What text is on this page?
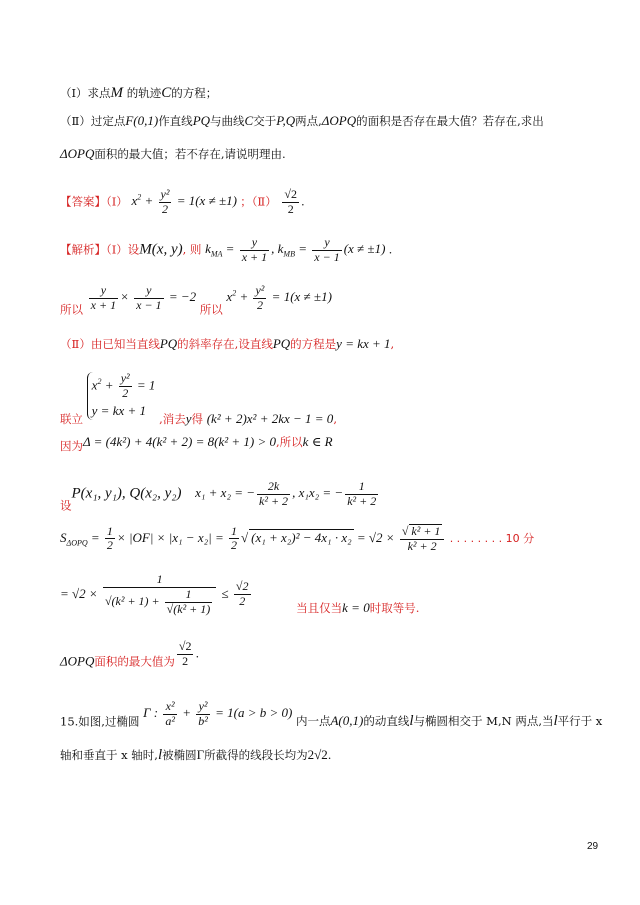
（Ⅰ）求点M 的轨迹C的方程；
（Ⅱ）过定点F(0,1)作直线PQ与曲线C交于P,Q两点,ΔOPQ的面积是否存在最大值？若存在,求出
ΔOPQ面积的最大值；若不存在,请说明理由.
【答案】（Ⅰ） $x^2 + \frac{\text{y²}}{2} = 1(x \ne \pm 1)$ ；（Ⅱ） $\frac{√2}{2}$ .
【解析】（Ⅰ）设M(x, y), 则 $k_{MA} = \frac{y}{x + 1}$ , $k_{MB} = \frac{y}{x - 1} (x \ne \pm 1)$ .
所以 $\frac{y}{x + 1} \times \frac{y}{x - 1} = -2$ 所以 $x^2 + \frac{\text{y²}}{2} = 1(x \ne \pm 1)$
（Ⅱ）由已知当直线PQ的斜率存在,设直线PQ的方程是y = kx + 1,
联立
$x^2 + \frac{\text{y²}}{2} = 1$
y = kx + 1
,消去y得 (k² + 2)x² + 2kx − 1 = 0,
因为Δ = (4k²) + 4(k² + 2) = 8(k² + 1) > 0,所以k ∈ R
设P(x₁, y₁), Q(x₂, y₂) x₁ + x₂ = − $\frac{2k}{\text{k² + 2}}$ , x₁x₂ = − $\frac{1}{\text{k² + 2}}$
$S_{\Delta OPQ} = \frac{1}{2} \times |OF| \times |x_1 - x_2| = \frac{1}{2}$ √ $(x_1 + x_2)^2 - 4x_1 \cdot x_2 = √2 \times \frac{\text{√ k² + 1}}{\text{k² + 2}}$ . . . . . . . . 10 分
= $√2 \times \frac{1}{√(k^2 + 1) + \frac{1}{\text{√(k² + 1)}}} \le \frac{√2}{2}$	当且仅当k = 0时取等号.
ΔOPQ面积的最大值为 $\frac{√2}{2}$ .
15.如图,过椭圆 Γ : $\frac{\text{x²}}{\text{a²}} + \frac{\text{y²}}{\text{b²}} = 1(a > b > 0)$ 内一点A(0,1)的动直线l与椭圆相交于 M,N 两点,当l平行于 x
轴和垂直于 x 轴时,l被椭圆Γ所截得的线段长均为2√2.
29
